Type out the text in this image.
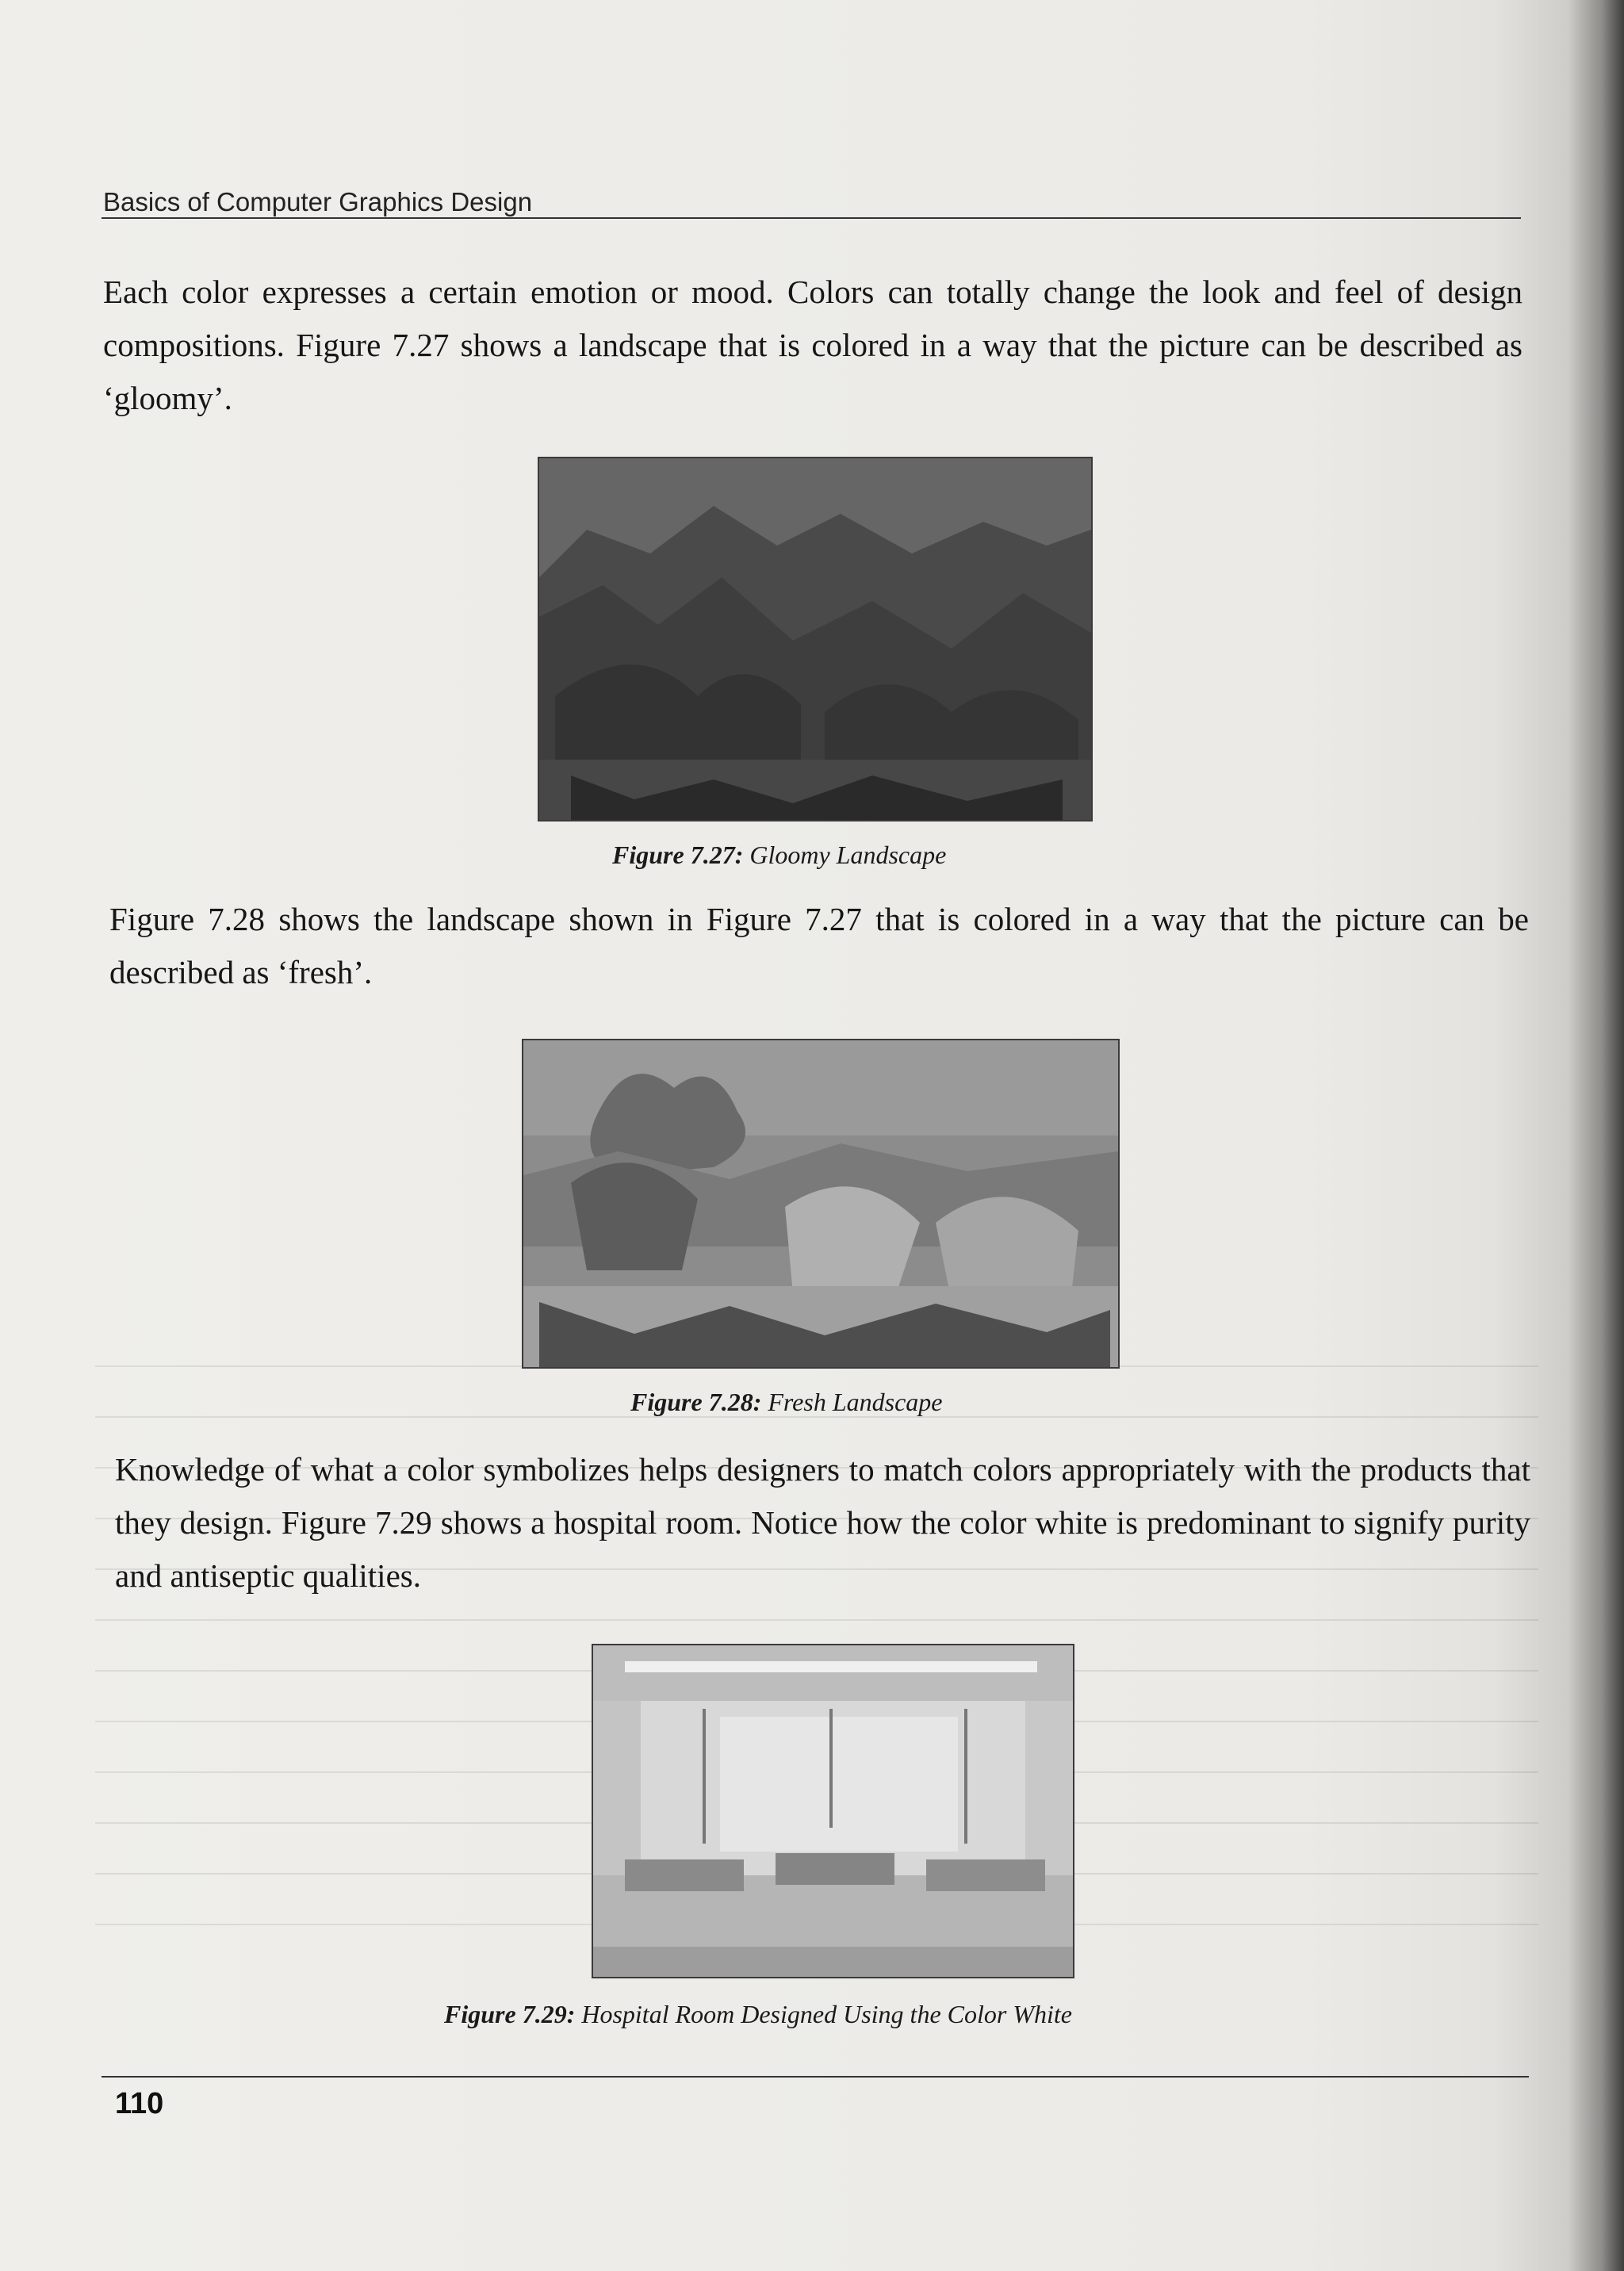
Basics of Computer Graphics Design

Each color expresses a certain emotion or mood. Colors can totally change the look and feel of design compositions. Figure 7.27 shows a landscape that is colored in a way that the picture can be described as ‘gloomy’.

Figure 7.27: Gloomy Landscape

Figure 7.28 shows the landscape shown in Figure 7.27 that is colored in a way that the picture can be described as ‘fresh’.

Figure 7.28: Fresh Landscape

Knowledge of what a color symbolizes helps designers to match colors appropriately with the products that they design. Figure 7.29 shows a hospital room. Notice how the color white is predominant to signify purity and antiseptic qualities.

Figure 7.29: Hospital Room Designed Using the Color White
110
